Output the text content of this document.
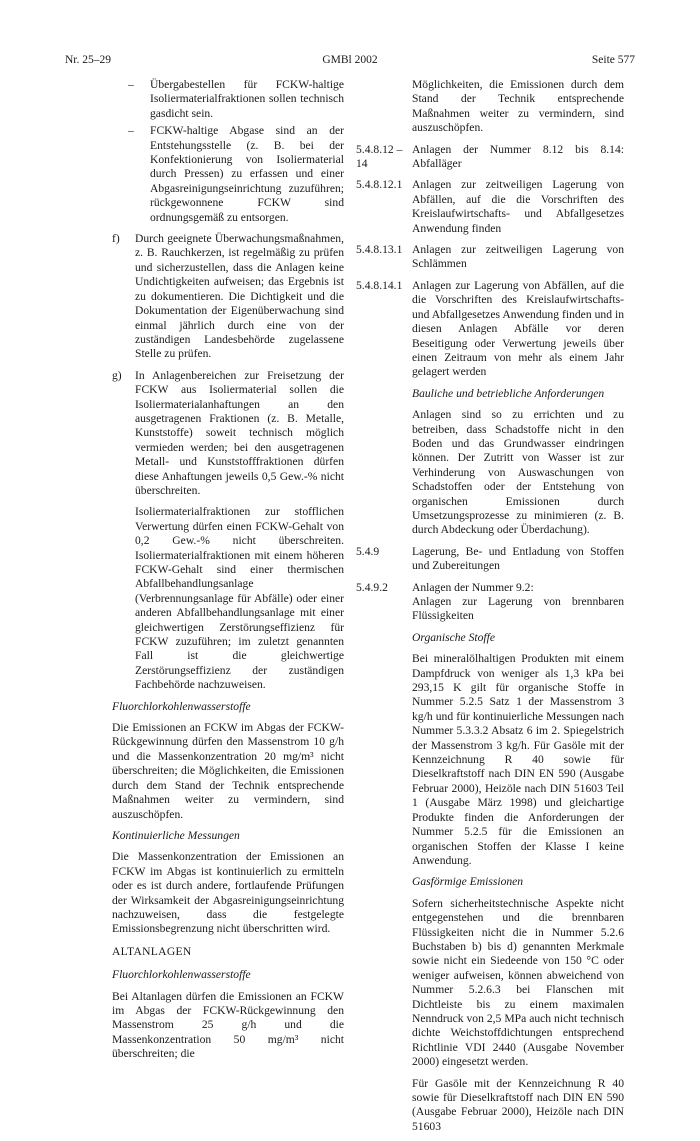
Nr. 25–29	GMBl 2002	Seite 577
– Übergabestellen für FCKW-haltige Isoliermaterialfraktionen sollen technisch gasdicht sein.
– FCKW-haltige Abgase sind an der Entstehungsstelle (z. B. bei der Konfektionierung von Isoliermaterial durch Pressen) zu erfassen und einer Abgasreinigungseinrichtung zuzuführen; rückgewonnene FCKW sind ordnungsgemäß zu entsorgen.
f) Durch geeignete Überwachungsmaßnahmen, z. B. Rauchkerzen, ist regelmäßig zu prüfen und sicherzustellen, dass die Anlagen keine Undichtigkeiten aufweisen; das Ergebnis ist zu dokumentieren. Die Dichtigkeit und die Dokumentation der Eigenüberwachung sind einmal jährlich durch eine von der zuständigen Landesbehörde zugelassene Stelle zu prüfen.
g) In Anlagenbereichen zur Freisetzung der FCKW aus Isoliermaterial sollen die Isoliermaterialanhaftungen an den ausgetragenen Fraktionen (z. B. Metalle, Kunststoffe) soweit technisch möglich vermieden werden; bei den ausgetragenen Metall- und Kunststofffraktionen dürfen diese Anhaftungen jeweils 0,5 Gew.-% nicht überschreiten.

Isoliermaterialfraktionen zur stofflichen Verwertung dürfen einen FCKW-Gehalt von 0,2 Gew.-% nicht überschreiten. Isoliermaterialfraktionen mit einem höheren FCKW-Gehalt sind einer thermischen Abfallbehandlungsanlage (Verbrennungsanlage für Abfälle) oder einer anderen Abfallbehandlungsanlage mit einer gleichwertigen Zerstörungseffizienz für FCKW zuzuführen; im zuletzt genannten Fall ist die gleichwertige Zerstörungseffizienz der zuständigen Fachbehörde nachzuweisen.

Fluorchlorkohlenwasserstoffe

Die Emissionen an FCKW im Abgas der FCKW-Rückgewinnung dürfen den Massenstrom 10 g/h und die Massenkonzentration 20 mg/m³ nicht überschreiten; die Möglichkeiten, die Emissionen durch dem Stand der Technik entsprechende Maßnahmen weiter zu vermindern, sind auszuschöpfen.

Kontinuierliche Messungen

Die Massenkonzentration der Emissionen an FCKW im Abgas ist kontinuierlich zu ermitteln oder es ist durch andere, fortlaufende Prüfungen der Wirksamkeit der Abgasreinigungseinrichtung nachzuweisen, dass die festgelegte Emissionsbegrenzung nicht überschritten wird.

ALTANLAGEN

Fluorchlorkohlenwasserstoffe

Bei Altanlagen dürfen die Emissionen an FCKW im Abgas der FCKW-Rückgewinnung den Massenstrom 25 g/h und die Massenkonzentration 50 mg/m³ nicht überschreiten; die

Möglichkeiten, die Emissionen durch dem Stand der Technik entsprechende Maßnahmen weiter zu vermindern, sind auszuschöpfen.

5.4.8.12 –14
Anlagen der Nummer 8.12 bis 8.14: Abfalläger
5.4.8.12.1 Anlagen zur zeitweiligen Lagerung von Abfällen, auf die die Vorschriften des Kreislaufwirtschafts- und Abfallgesetzes Anwendung finden
5.4.8.13.1 Anlagen zur zeitweiligen Lagerung von Schlämmen
5.4.8.14.1 Anlagen zur Lagerung von Abfällen, auf die die Vorschriften des Kreislaufwirtschafts- und Abfallgesetzes Anwendung finden und in diesen Anlagen Abfälle vor deren Beseitigung oder Verwertung jeweils über einen Zeitraum von mehr als einem Jahr gelagert werden

Bauliche und betriebliche Anforderungen

Anlagen sind so zu errichten und zu betreiben, dass Schadstoffe nicht in den Boden und das Grundwasser eindringen können. Der Zutritt von Wasser ist zur Verhinderung von Auswaschungen von Schadstoffen oder der Entstehung von organischen Emissionen durch Umsetzungsprozesse zu minimieren (z. B. durch Abdeckung oder Überdachung).

5.4.9	Lagerung, Be- und Entladung von Stoffen und Zubereitungen
5.4.9.2	Anlagen der Nummer 9.2:
Anlagen zur Lagerung von brennbaren Flüssigkeiten

Organische Stoffe

Bei mineralölhaltigen Produkten mit einem Dampfdruck von weniger als 1,3 kPa bei 293,15 K gilt für organische Stoffe in Nummer 5.2.5 Satz 1 der Massenstrom 3 kg/h und für kontinuierliche Messungen nach Nummer 5.3.3.2 Absatz 6 im 2. Spiegelstrich der Massenstrom 3 kg/h. Für Gasöle mit der Kennzeichnung R 40 sowie für Dieselkraftstoff nach DIN EN 590 (Ausgabe Februar 2000), Heizöle nach DIN 51603 Teil 1 (Ausgabe März 1998) und gleichartige Produkte finden die Anforderungen der Nummer 5.2.5 für die Emissionen an organischen Stoffen der Klasse I keine Anwendung.

Gasförmige Emissionen

Sofern sicherheitstechnische Aspekte nicht entgegenstehen und die brennbaren Flüssigkeiten nicht die in Nummer 5.2.6 Buchstaben b) bis d) genannten Merkmale sowie nicht ein Siedeende von 150 °C oder weniger aufweisen, können abweichend von Nummer 5.2.6.3 bei Flanschen mit Dichtleiste bis zu einem maximalen Nenndruck von 2,5 MPa auch nicht technisch dichte Weichstoffdichtungen entsprechend Richtlinie VDI 2440 (Ausgabe November 2000) eingesetzt werden.

Für Gasöle mit der Kennzeichnung R 40 sowie für Dieselkraftstoff nach DIN EN 590 (Ausgabe Februar 2000), Heizöle nach DIN 51603
